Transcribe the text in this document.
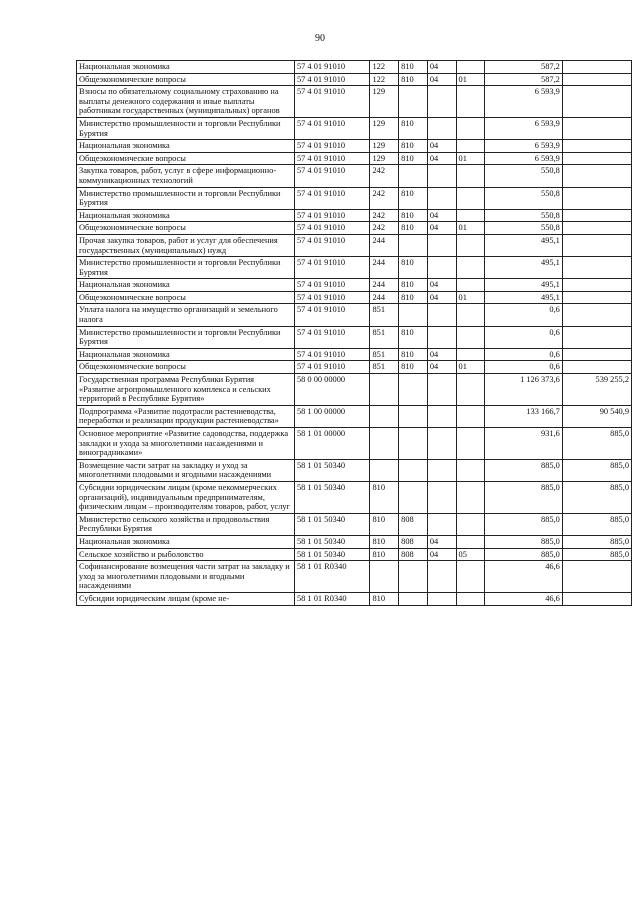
90
Национальная экономика	57 4 01 91010	122	810	04		587,2	
Общеэкономические вопросы	57 4 01 91010	122	810	04	01	587,2	
Взносы по обязательному социальному страхованию на выплаты денежного содержания и иные выплаты работникам государственных (муниципальных) органов	57 4 01 91010	129				6 593,9	
Министерство промышленности и торговли Республики Бурятия	57 4 01 91010	129	810			6 593,9	
Национальная экономика	57 4 01 91010	129	810	04		6 593,9	
Общеэкономические вопросы	57 4 01 91010	129	810	04	01	6 593,9	
Закупка товаров, работ, услуг в сфере информационно-коммуникационных технологий	57 4 01 91010	242				550,8	
Министерство промышленности и торговли Республики Бурятия	57 4 01 91010	242	810			550,8	
Национальная экономика	57 4 01 91010	242	810	04		550,8	
Общеэкономические вопросы	57 4 01 91010	242	810	04	01	550,8	
Прочая закупка товаров, работ и услуг для обеспечения государственных (муниципальных) нужд	57 4 01 91010	244				495,1	
Министерство промышленности и торговли Республики Бурятия	57 4 01 91010	244	810			495,1	
Национальная экономика	57 4 01 91010	244	810	04		495,1	
Общеэкономические вопросы	57 4 01 91010	244	810	04	01	495,1	
Уплата налога на имущество организаций и земельного налога	57 4 01 91010	851				0,6	
Министерство промышленности и торговли Республики Бурятия	57 4 01 91010	851	810			0,6	
Национальная экономика	57 4 01 91010	851	810	04		0,6	
Общеэкономические вопросы	57 4 01 91010	851	810	04	01	0,6	
Государственная программа Республики Бурятия «Развитие агропромышленного комплекса и сельских территорий в Республике Бурятия»	58 0 00 00000					1 126 373,6	539 255,2
Подпрограмма «Развитие подотрасли растениеводства, переработки и реализации продукции растениеводства»	58 1 00 00000					133 166,7	90 540,9
Основное мероприятие «Развитие садоводства, поддержка закладки и ухода за многолетними насаждениями и виноградниками»	58 1 01 00000					931,6	885,0
Возмещение части затрат на закладку и уход за многолетними плодовыми и ягодными насаждениями	58 1 01 50340					885,0	885,0
Субсидии юридическим лицам (кроме некоммерческих организаций), индивидуальным предпринимателям, физическим лицам – производителям товаров, работ, услуг	58 1 01 50340	810				885,0	885,0
Министерство сельского хозяйства и продовольствия Республики Бурятия	58 1 01 50340	810	808			885,0	885,0
Национальная экономика	58 1 01 50340	810	808	04		885,0	885,0
Сельское хозяйство и рыболовство	58 1 01 50340	810	808	04	05	885,0	885,0
Софинансирование возмещения части затрат на закладку и уход за многолетними плодовыми и ягодными насаждениями	58 1 01 R0340					46,6	
Субсидии юридическим лицам (кроме не-	58 1 01 R0340	810				46,6	
